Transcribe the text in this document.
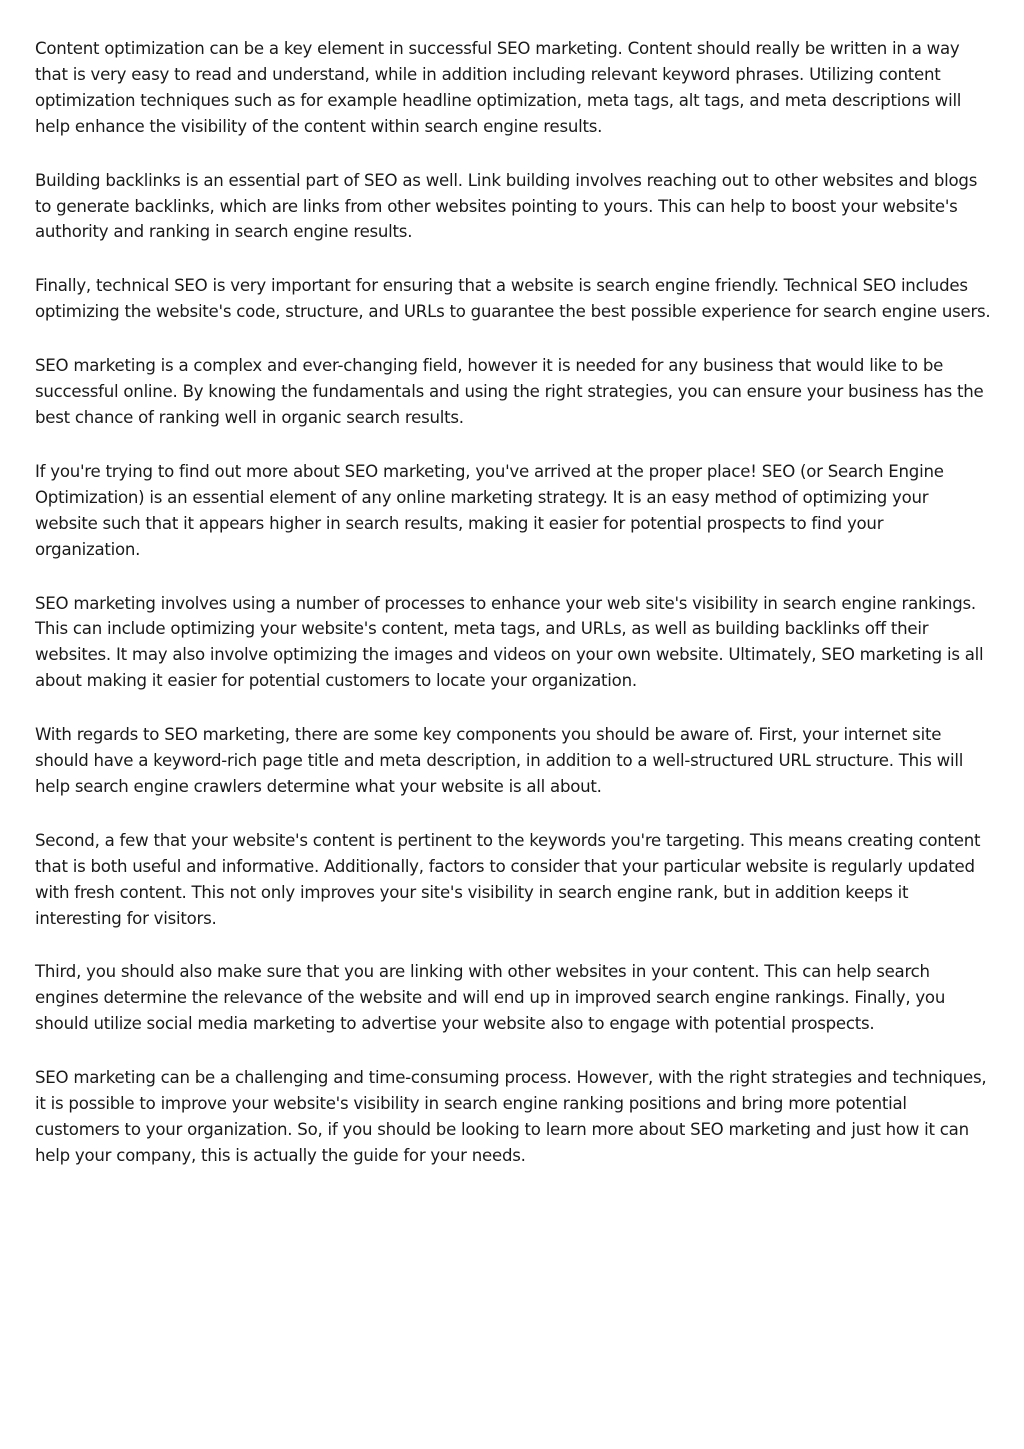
Content optimization can be a key element in successful SEO marketing. Content should really be written in a way that is very easy to read and understand, while in addition including relevant keyword phrases. Utilizing content optimization techniques such as for example headline optimization, meta tags, alt tags, and meta descriptions will help enhance the visibility of the content within search engine results.

Building backlinks is an essential part of SEO as well. Link building involves reaching out to other websites and blogs to generate backlinks, which are links from other websites pointing to yours. This can help to boost your website's authority and ranking in search engine results.

Finally, technical SEO is very important for ensuring that a website is search engine friendly. Technical SEO includes optimizing the website's code, structure, and URLs to guarantee the best possible experience for search engine users.

SEO marketing is a complex and ever-changing field, however it is needed for any business that would like to be successful online. By knowing the fundamentals and using the right strategies, you can ensure your business has the best chance of ranking well in organic search results.

If you're trying to find out more about SEO marketing, you've arrived at the proper place! SEO (or Search Engine Optimization) is an essential element of any online marketing strategy. It is an easy method of optimizing your website such that it appears higher in search results, making it easier for potential prospects to find your organization.

SEO marketing involves using a number of processes to enhance your web site's visibility in search engine rankings. This can include optimizing your website's content, meta tags, and URLs, as well as building backlinks off their websites. It may also involve optimizing the images and videos on your own website. Ultimately, SEO marketing is all about making it easier for potential customers to locate your organization.

With regards to SEO marketing, there are some key components you should be aware of. First, your internet site should have a keyword-rich page title and meta description, in addition to a well-structured URL structure. This will help search engine crawlers determine what your website is all about.

Second, a few that your website's content is pertinent to the keywords you're targeting. This means creating content that is both useful and informative. Additionally, factors to consider that your particular website is regularly updated with fresh content. This not only improves your site's visibility in search engine rank, but in addition keeps it interesting for visitors.

Third, you should also make sure that you are linking with other websites in your content. This can help search engines determine the relevance of the website and will end up in improved search engine rankings. Finally, you should utilize social media marketing to advertise your website also to engage with potential prospects.

SEO marketing can be a challenging and time-consuming process. However, with the right strategies and techniques, it is possible to improve your website's visibility in search engine ranking positions and bring more potential customers to your organization. So, if you should be looking to learn more about SEO marketing and just how it can help your company, this is actually the guide for your needs.
